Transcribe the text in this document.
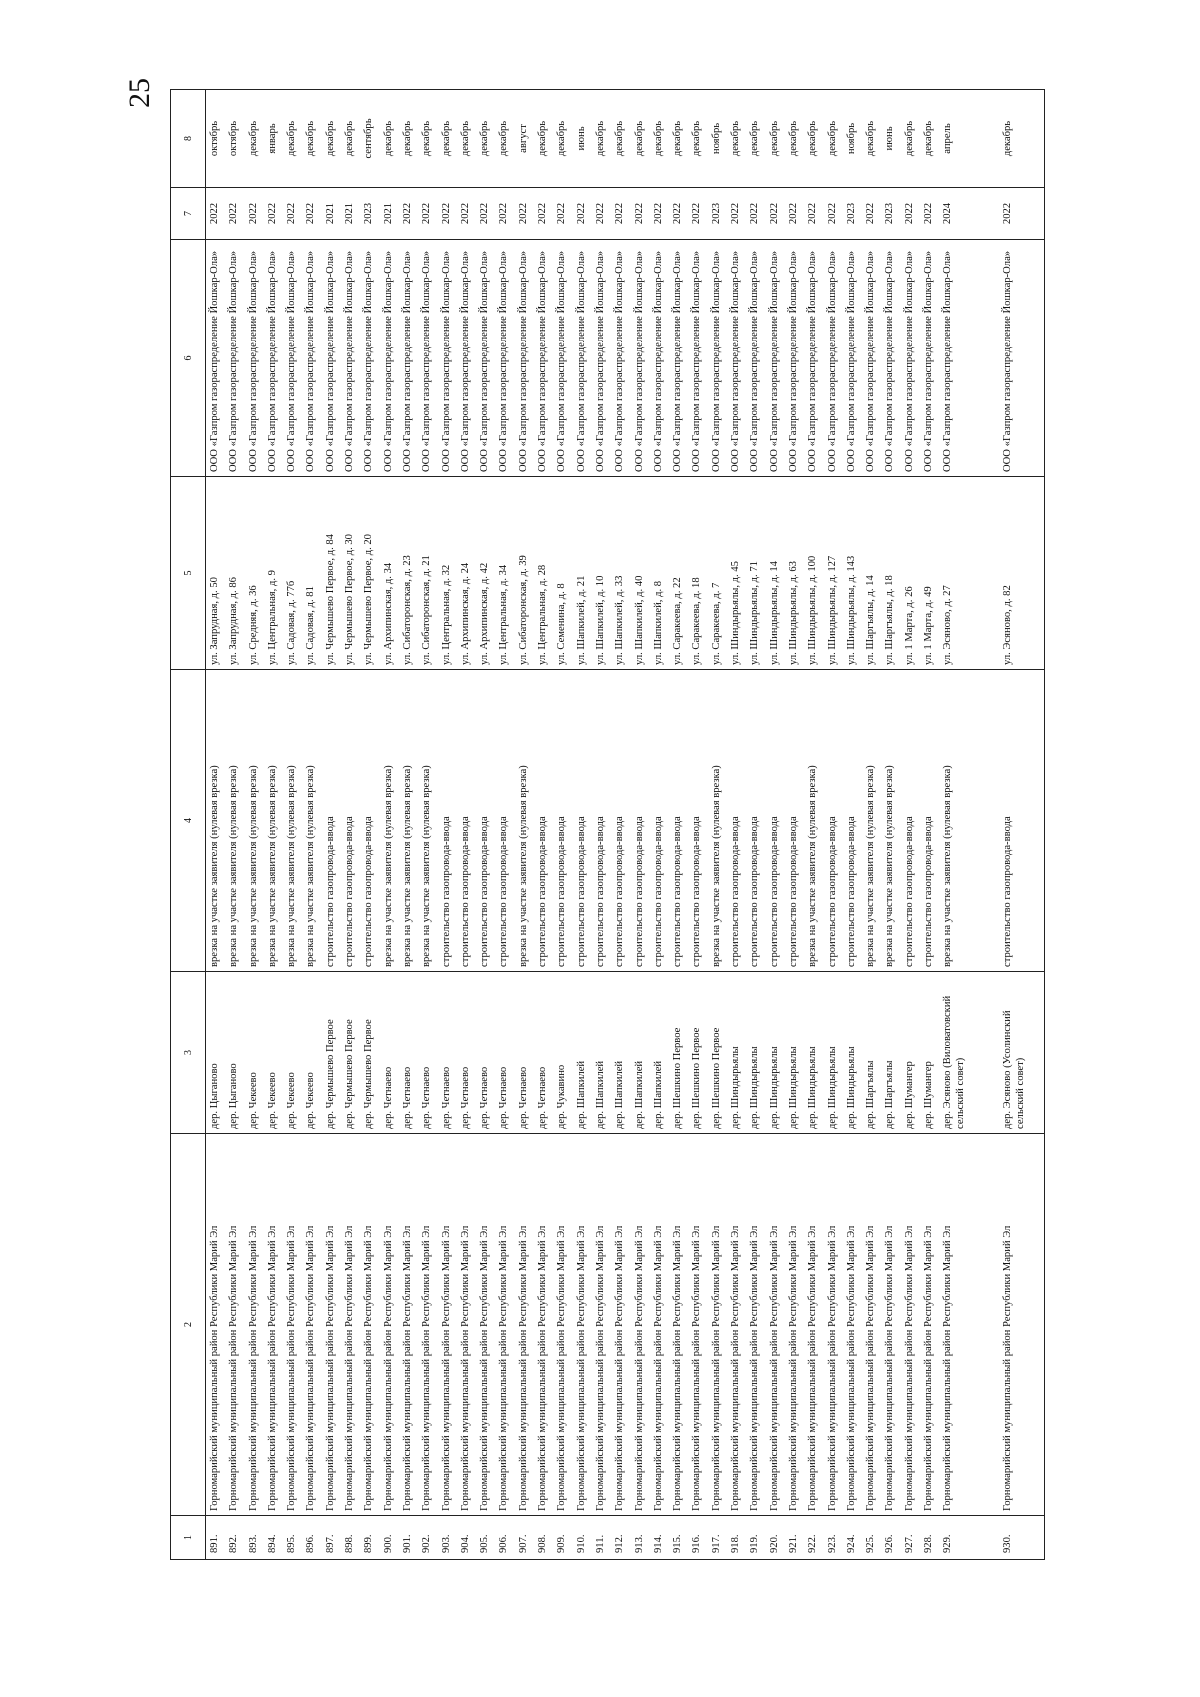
25
1	2	3	4	5	6	7	8
891.	Горномарийский муниципальный район Республики Марий Эл	дер. Цыганово	врезка на участке заявителя (нулевая врезка)	ул. Запрудная, д. 50	ООО «Газпром газораспределение Йошкар-Ола»	2022	октябрь
892.	Горномарийский муниципальный район Республики Марий Эл	дер. Цыганово	врезка на участке заявителя (нулевая врезка)	ул. Запрудная, д. 86	ООО «Газпром газораспределение Йошкар-Ола»	2022	октябрь
893.	Горномарийский муниципальный район Республики Марий Эл	дер. Чекеево	врезка на участке заявителя (нулевая врезка)	ул. Средняя, д. 36	ООО «Газпром газораспределение Йошкар-Ола»	2022	декабрь
894.	Горномарийский муниципальный район Республики Марий Эл	дер. Чекеево	врезка на участке заявителя (нулевая врезка)	ул. Центральная, д. 9	ООО «Газпром газораспределение Йошкар-Ола»	2022	январь
895.	Горномарийский муниципальный район Республики Марий Эл	дер. Чекеево	врезка на участке заявителя (нулевая врезка)	ул. Садовая, д. 77б	ООО «Газпром газораспределение Йошкар-Ола»	2022	декабрь
896.	Горномарийский муниципальный район Республики Марий Эл	дер. Чекеево	врезка на участке заявителя (нулевая врезка)	ул. Садовая, д. 81	ООО «Газпром газораспределение Йошкар-Ола»	2022	декабрь
897.	Горномарийский муниципальный район Республики Марий Эл	дер. Чермышево Первое	строительство газопровода-ввода	ул. Чермышево Первое, д. 84	ООО «Газпром газораспределение Йошкар-Ола»	2021	декабрь
898.	Горномарийский муниципальный район Республики Марий Эл	дер. Чермышево Первое	строительство газопровода-ввода	ул. Чермышево Первое, д. 30	ООО «Газпром газораспределение Йошкар-Ола»	2021	декабрь
899.	Горномарийский муниципальный район Республики Марий Эл	дер. Чермышево Первое	строительство газопровода-ввода	ул. Чермышево Первое, д. 20	ООО «Газпром газораспределение Йошкар-Ола»	2023	сентябрь
900.	Горномарийский муниципальный район Республики Марий Эл	дер. Четнаево	врезка на участке заявителя (нулевая врезка)	ул. Архипинская, д. 34	ООО «Газпром газораспределение Йошкар-Ола»	2021	декабрь
901.	Горномарийский муниципальный район Республики Марий Эл	дер. Четнаево	врезка на участке заявителя (нулевая врезка)	ул. Сибаторонская, д. 23	ООО «Газпром газораспределение Йошкар-Ола»	2022	декабрь
902.	Горномарийский муниципальный район Республики Марий Эл	дер. Четнаево	врезка на участке заявителя (нулевая врезка)	ул. Сибаторонская, д. 21	ООО «Газпром газораспределение Йошкар-Ола»	2022	декабрь
903.	Горномарийский муниципальный район Республики Марий Эл	дер. Четнаево	строительство газопровода-ввода	ул. Центральная, д. 32	ООО «Газпром газораспределение Йошкар-Ола»	2022	декабрь
904.	Горномарийский муниципальный район Республики Марий Эл	дер. Четнаево	строительство газопровода-ввода	ул. Архипинская, д. 24	ООО «Газпром газораспределение Йошкар-Ола»	2022	декабрь
905.	Горномарийский муниципальный район Республики Марий Эл	дер. Четнаево	строительство газопровода-ввода	ул. Архипинская, д. 42	ООО «Газпром газораспределение Йошкар-Ола»	2022	декабрь
906.	Горномарийский муниципальный район Республики Марий Эл	дер. Четнаево	строительство газопровода-ввода	ул. Центральная, д. 34	ООО «Газпром газораспределение Йошкар-Ола»	2022	декабрь
907.	Горномарийский муниципальный район Республики Марий Эл	дер. Четнаево	врезка на участке заявителя (нулевая врезка)	ул. Сибаторонская, д. 39	ООО «Газпром газораспределение Йошкар-Ола»	2022	август
908.	Горномарийский муниципальный район Республики Марий Эл	дер. Четнаево	строительство газопровода-ввода	ул. Центральная, д. 28	ООО «Газпром газораспределение Йошкар-Ола»	2022	декабрь
909.	Горномарийский муниципальный район Республики Марий Эл	дер. Чукавино	строительство газопровода-ввода	ул. Семенина, д. 8	ООО «Газпром газораспределение Йошкар-Ола»	2022	декабрь
910.	Горномарийский муниципальный район Республики Марий Эл	дер. Шапкилей	строительство газопровода-ввода	ул. Шапкилей, д. 21	ООО «Газпром газораспределение Йошкар-Ола»	2022	июнь
911.	Горномарийский муниципальный район Республики Марий Эл	дер. Шапкилей	строительство газопровода-ввода	ул. Шапкилей, д. 10	ООО «Газпром газораспределение Йошкар-Ола»	2022	декабрь
912.	Горномарийский муниципальный район Республики Марий Эл	дер. Шапкилей	строительство газопровода-ввода	ул. Шапкилей, д. 33	ООО «Газпром газораспределение Йошкар-Ола»	2022	декабрь
913.	Горномарийский муниципальный район Республики Марий Эл	дер. Шапкилей	строительство газопровода-ввода	ул. Шапкилей, д. 40	ООО «Газпром газораспределение Йошкар-Ола»	2022	декабрь
914.	Горномарийский муниципальный район Республики Марий Эл	дер. Шапкилей	строительство газопровода-ввода	ул. Шапкилей, д. 8	ООО «Газпром газораспределение Йошкар-Ола»	2022	декабрь
915.	Горномарийский муниципальный район Республики Марий Эл	дер. Шешкино Первое	строительство газопровода-ввода	ул. Саракеева, д. 22	ООО «Газпром газораспределение Йошкар-Ола»	2022	декабрь
916.	Горномарийский муниципальный район Республики Марий Эл	дер. Шешкино Первое	строительство газопровода-ввода	ул. Саракеева, д. 18	ООО «Газпром газораспределение Йошкар-Ола»	2022	декабрь
917.	Горномарийский муниципальный район Республики Марий Эл	дер. Шешкино Первое	врезка на участке заявителя (нулевая врезка)	ул. Саракеева, д. 7	ООО «Газпром газораспределение Йошкар-Ола»	2023	ноябрь
918.	Горномарийский муниципальный район Республики Марий Эл	дер. Шиндырьялы	строительство газопровода-ввода	ул. Шиндырьялы, д. 45	ООО «Газпром газораспределение Йошкар-Ола»	2022	декабрь
919.	Горномарийский муниципальный район Республики Марий Эл	дер. Шиндырьялы	строительство газопровода-ввода	ул. Шиндырьялы, д. 71	ООО «Газпром газораспределение Йошкар-Ола»	2022	декабрь
920.	Горномарийский муниципальный район Республики Марий Эл	дер. Шиндырьялы	строительство газопровода-ввода	ул. Шиндырьялы, д. 14	ООО «Газпром газораспределение Йошкар-Ола»	2022	декабрь
921.	Горномарийский муниципальный район Республики Марий Эл	дер. Шиндырьялы	строительство газопровода-ввода	ул. Шиндырьялы, д. 63	ООО «Газпром газораспределение Йошкар-Ола»	2022	декабрь
922.	Горномарийский муниципальный район Республики Марий Эл	дер. Шиндырьялы	врезка на участке заявителя (нулевая врезка)	ул. Шиндырьялы, д. 100	ООО «Газпром газораспределение Йошкар-Ола»	2022	декабрь
923.	Горномарийский муниципальный район Республики Марий Эл	дер. Шиндырьялы	строительство газопровода-ввода	ул. Шиндырьялы, д. 127	ООО «Газпром газораспределение Йошкар-Ола»	2022	декабрь
924.	Горномарийский муниципальный район Республики Марий Эл	дер. Шиндырьялы	строительство газопровода-ввода	ул. Шиндырьялы, д. 143	ООО «Газпром газораспределение Йошкар-Ола»	2023	ноябрь
925.	Горномарийский муниципальный район Республики Марий Эл	дер. Шаргъялы	врезка на участке заявителя (нулевая врезка)	ул. Шаргъялы, д. 14	ООО «Газпром газораспределение Йошкар-Ола»	2022	декабрь
926.	Горномарийский муниципальный район Республики Марий Эл	дер. Шаргъялы	врезка на участке заявителя (нулевая врезка)	ул. Шаргъялы, д. 18	ООО «Газпром газораспределение Йошкар-Ола»	2023	июнь
927.	Горномарийский муниципальный район Республики Марий Эл	дер. Шумангер	строительство газопровода-ввода	ул. 1 Марта, д. 26	ООО «Газпром газораспределение Йошкар-Ола»	2022	декабрь
928.	Горномарийский муниципальный район Республики Марий Эл	дер. Шумангер	строительство газопровода-ввода	ул. 1 Марта, д. 49	ООО «Газпром газораспределение Йошкар-Ола»	2022	декабрь
929.	Горномарийский муниципальный район Республики Марий Эл	дер. Эсяново (Виловатовский сельский совет)	врезка на участке заявителя (нулевая врезка)	ул. Эсяново, д. 27	ООО «Газпром газораспределение Йошкар-Ола»	2024	апрель

930.	Горномарийский муниципальный район Республики Марий Эл	дер. Эсяново (Усолинский сельский совет)	строительство газопровода-ввода	ул. Эсяново, д. 82	ООО «Газпром газораспределение Йошкар-Ола»	2022	декабрь
